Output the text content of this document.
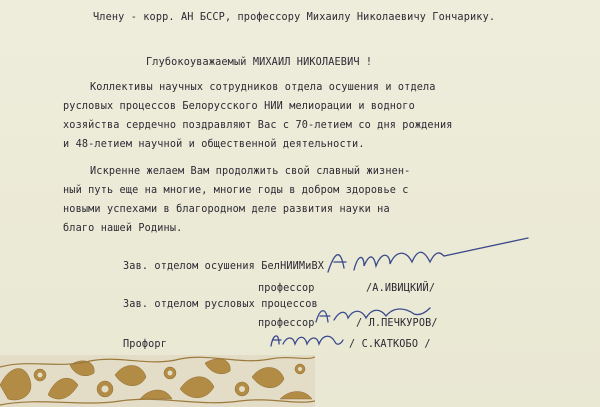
Члену - корр. АН БССР, профессору Михаилу Николаевичу Гончарику.
Глубокоуважаемый МИХАИЛ НИКОЛАЕВИЧ !
Коллективы научных сотрудников отдела осушения и отдела
русловых процессов Белорусского НИИ мелиорации и водного
хозяйства сердечно поздравляют Вас с 70-летием со дня рождения
и 48-летием научной и общественной деятельности.
Искренне желаем Вам продолжить свой славный жизнен-
ный путь еще на многие, многие годы в добром здоровье с
новыми успехами в благородном деле развития науки на
благо нашей Родины.
Зав. отделом осушения БелНИИМиВХ
профессор	/А.ИВИЦКИЙ/
Зав. отделом русловых процессов
профессор	/ Л.ПЕЧКУРОВ/
Профорг	/ С.КАТКОБО /
